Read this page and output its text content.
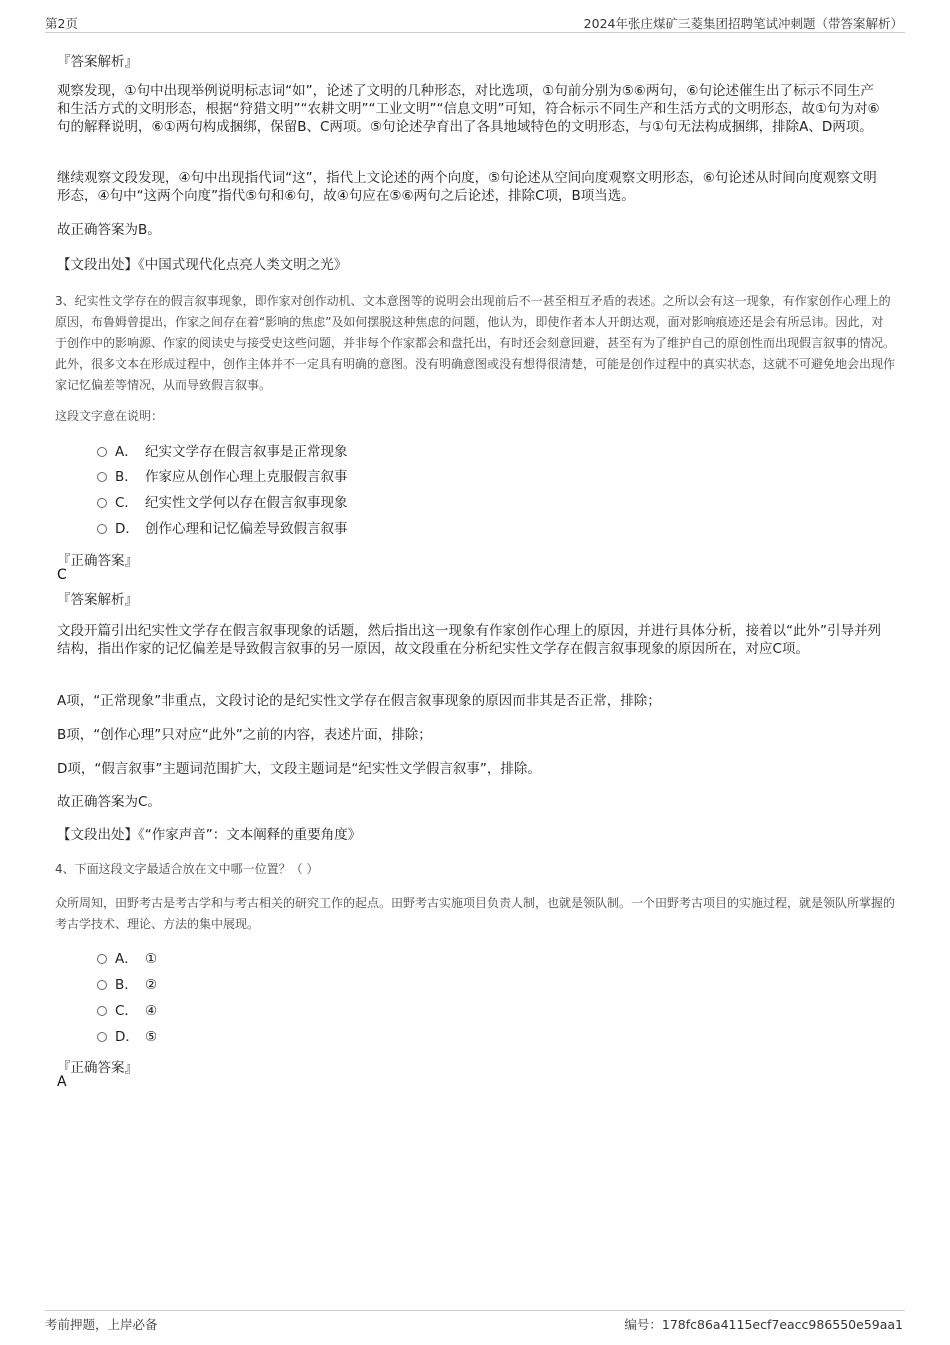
第2页	2024年张庄煤矿三菱集团招聘笔试冲刺题（带答案解析）
『答案解析』
观察发现，①句中出现举例说明标志词“如”，论述了文明的几种形态，对比选项，①句前分别为⑤⑥两句，⑥句论述催生出了标示不同生产和生活方式的文明形态，根据“狩猎文明”“农耕文明”“工业文明”“信息文明”可知，符合标示不同生产和生活方式的文明形态，故①句为对⑥句的解释说明，⑥①两句构成捆绑，保留B、C两项。⑤句论述孕育出了各具地域特色的文明形态，与①句无法构成捆绑，排除A、D两项。
继续观察文段发现，④句中出现指代词“这”，指代上文论述的两个向度，⑤句论述从空间向度观察文明形态，⑥句论述从时间向度观察文明形态，④句中“这两个向度”指代⑤句和⑥句，故④句应在⑤⑥两句之后论述，排除C项，B项当选。
故正确答案为B。
【文段出处】《中国式现代化点亮人类文明之光》
3、纪实性文学存在的假言叙事现象，即作家对创作动机、文本意图等的说明会出现前后不一甚至相互矛盾的表述。之所以会有这一现象，有作家创作心理上的原因，布鲁姆曾提出，作家之间存在着“影响的焦虑”及如何摆脱这种焦虑的问题，他认为，即使作者本人开朗达观，面对影响痕迹还是会有所忌讳。因此，对于创作中的影响源、作家的阅读史与接受史这些问题，并非每个作家都会和盘托出，有时还会刻意回避，甚至有为了维护自己的原创性而出现假言叙事的情况。此外，很多文本在形成过程中，创作主体并不一定具有明确的意图。没有明确意图或没有想得很清楚，可能是创作过程中的真实状态，这就不可避免地会出现作家记忆偏差等情况，从而导致假言叙事。
这段文字意在说明：
A． 纪实文学存在假言叙事是正常现象
B． 作家应从创作心理上克服假言叙事
C． 纪实性文学何以存在假言叙事现象
D． 创作心理和记忆偏差导致假言叙事
『正确答案』
C
『答案解析』
文段开篇引出纪实性文学存在假言叙事现象的话题，然后指出这一现象有作家创作心理上的原因，并进行具体分析，接着以“此外”引导并列结构，指出作家的记忆偏差是导致假言叙事的另一原因，故文段重在分析纪实性文学存在假言叙事现象的原因所在，对应C项。
A项，“正常现象”非重点，文段讨论的是纪实性文学存在假言叙事现象的原因而非其是否正常，排除；
B项，“创作心理”只对应“此外”之前的内容，表述片面，排除；
D项，“假言叙事”主题词范围扩大，文段主题词是“纪实性文学假言叙事”，排除。
故正确答案为C。
【文段出处】《“作家声音”：文本阐释的重要角度》
4、下面这段文字最适合放在文中哪一位置？（ ）
众所周知，田野考古是考古学和与考古相关的研究工作的起点。田野考古实施项目负责人制，也就是领队制。一个田野考古项目的实施过程，就是领队所掌握的考古学技术、理论、方法的集中展现。
A． ①
B． ②
C． ④
D． ⑤
『正确答案』
A
考前押题，上岸必备	编号：178fc86a4115ecf7eacc986550e59aa1
